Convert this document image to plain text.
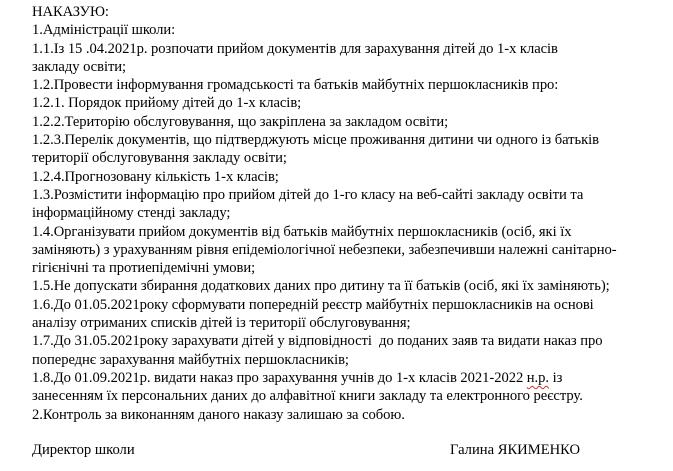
НАКАЗУЮ:
1.Адміністрації школи:
1.1.Із 15 .04.2021р. розпочати прийом документів для зарахування дітей до 1-х класів
закладу освіти;
1.2.Провести інформування громадськості та батьків майбутніх першокласників про:
1.2.1. Порядок прийому дітей до 1-х класів;
1.2.2.Територію обслуговування, що закріплена за закладом освіти;
1.2.3.Перелік документів, що підтверджують місце проживання дитини чи одного із батьків
території обслуговування закладу освіти;
1.2.4.Прогнозовану кількість 1-х класів;
1.3.Розмістити інформацію про прийом дітей до 1-го класу на веб-сайті закладу освіти та
інформаційному стенді закладу;
1.4.Організувати прийом документів від батьків майбутніх першокласників (осіб, які їх
заміняють) з урахуванням рівня епідеміологічної небезпеки, забезпечивши належні санітарно-
гігієнічні та протиепідемічні умови;
1.5.Не допускати збирання додаткових даних про дитину та її батьків (осіб, які їх заміняють);
1.6.До 01.05.2021року сформувати попередній реєстр майбутніх першокласників на основі
аналізу отриманих списків дітей із території обслуговування;
1.7.До 31.05.2021року зарахувати дітей у відповідності  до поданих заяв та видати наказ про
попереднє зарахування майбутніх першокласників;
1.8.До 01.09.2021р. видати наказ про зарахування учнів до 1-х класів 2021-2022 н.р. із
занесенням їх персональних даних до алфавітної книги закладу та електронного реєстру.
2.Контроль за виконанням даного наказу залишаю за собою.
Директор школи	Галина ЯКИМЕНКО
